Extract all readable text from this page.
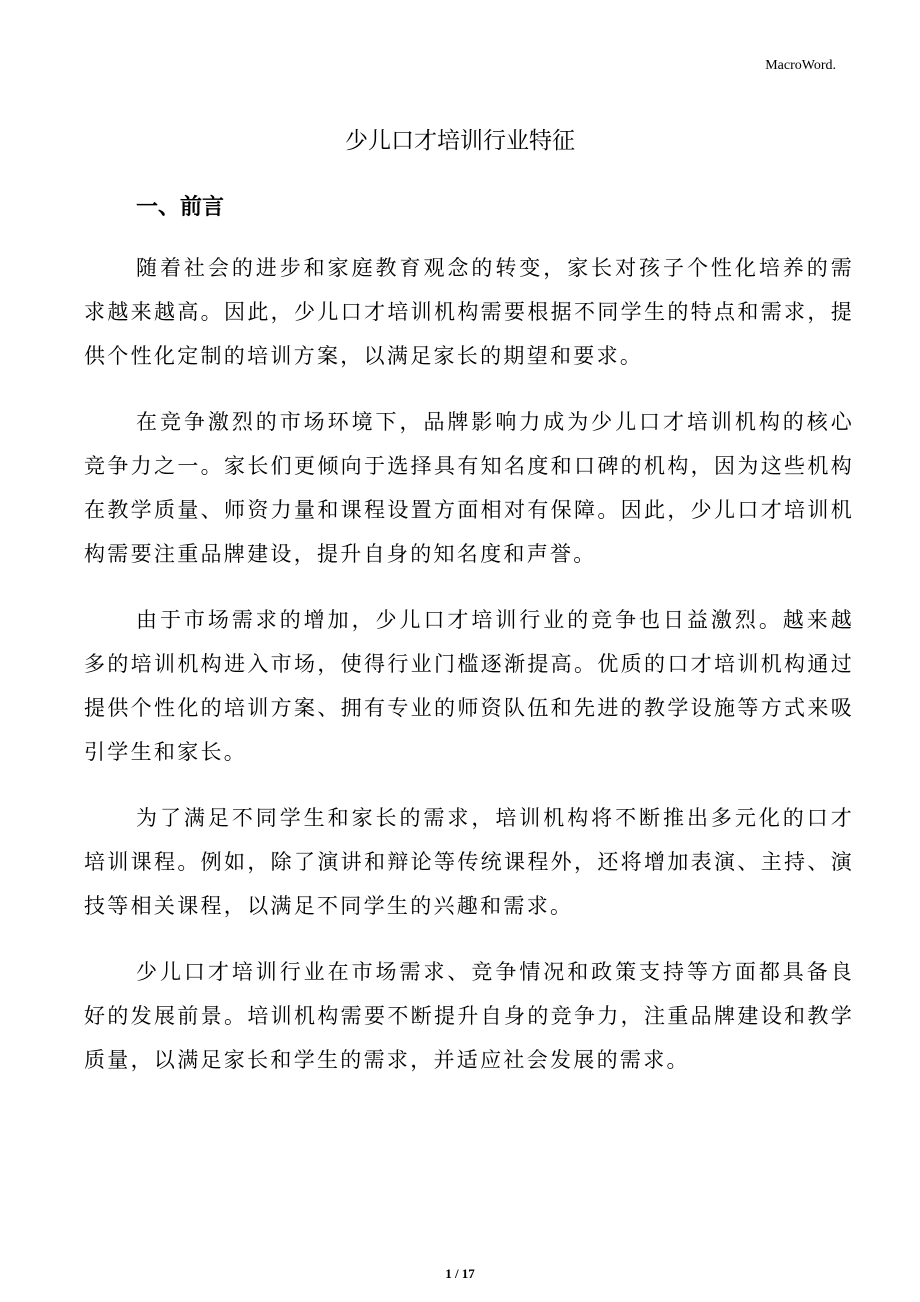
MacroWord.
少儿口才培训行业特征
一、前言

随着社会的进步和家庭教育观念的转变，家长对孩子个性化培养的需求越来越高。因此，少儿口才培训机构需要根据不同学生的特点和需求，提供个性化定制的培训方案，以满足家长的期望和要求。

在竞争激烈的市场环境下，品牌影响力成为少儿口才培训机构的核心竞争力之一。家长们更倾向于选择具有知名度和口碑的机构，因为这些机构在教学质量、师资力量和课程设置方面相对有保障。因此，少儿口才培训机构需要注重品牌建设，提升自身的知名度和声誉。

由于市场需求的增加，少儿口才培训行业的竞争也日益激烈。越来越多的培训机构进入市场，使得行业门槛逐渐提高。优质的口才培训机构通过提供个性化的培训方案、拥有专业的师资队伍和先进的教学设施等方式来吸引学生和家长。

为了满足不同学生和家长的需求，培训机构将不断推出多元化的口才培训课程。例如，除了演讲和辩论等传统课程外，还将增加表演、主持、演技等相关课程，以满足不同学生的兴趣和需求。

少儿口才培训行业在市场需求、竞争情况和政策支持等方面都具备良好的发展前景。培训机构需要不断提升自身的竞争力，注重品牌建设和教学质量，以满足家长和学生的需求，并适应社会发展的需求。

1 / 17
